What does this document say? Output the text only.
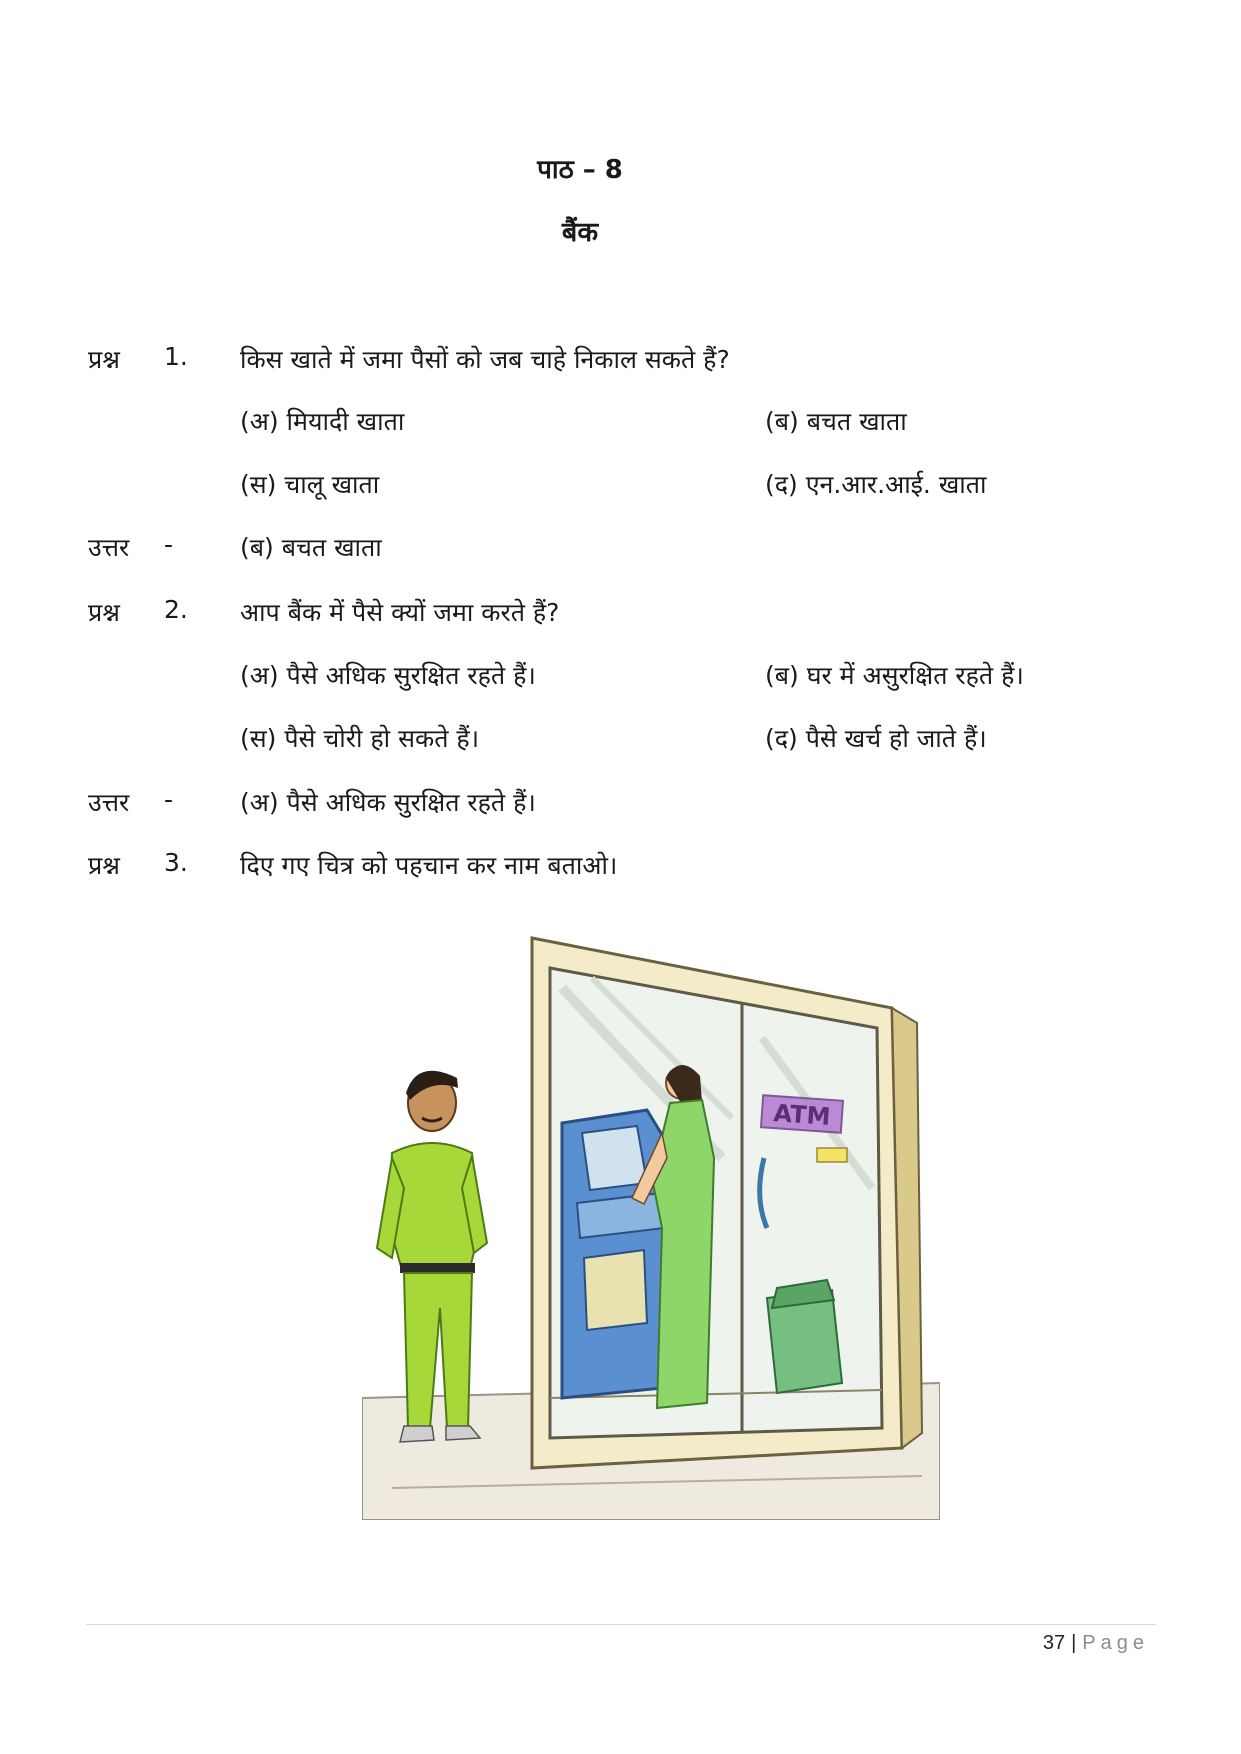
पाठ – 8
बैंक
प्रश्न 1. किस खाते में जमा पैसों को जब चाहे निकाल सकते हैं?
(अ) मियादी खाता	(ब) बचत खाता
(स) चालू खाता	(द) एन.आर.आई. खाता
उत्तर -	(ब) बचत खाता
प्रश्न 2. आप बैंक में पैसे क्यों जमा करते हैं?
(अ) पैसे अधिक सुरक्षित रहते हैं।	(ब) घर में असुरक्षित रहते हैं।
(स) पैसे चोरी हो सकते हैं।	(द) पैसे खर्च हो जाते हैं।
उत्तर -	(अ) पैसे अधिक सुरक्षित रहते हैं।
प्रश्न 3. दिए गए चित्र को पहचान कर नाम बताओ।
ATM
37 | Page
